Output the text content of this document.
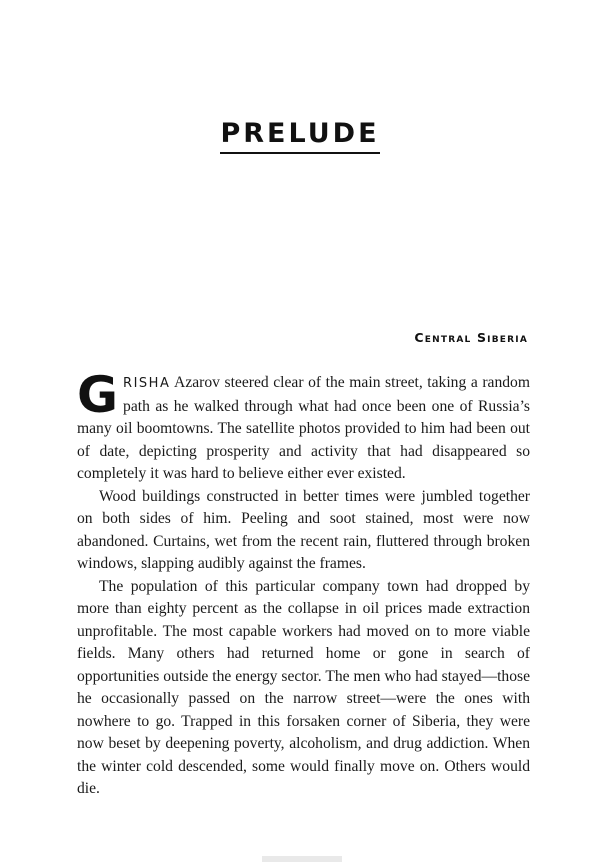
PRELUDE
Central Siberia

GRISHA Azarov steered clear of the main street, taking a random path as he walked through what had once been one of Russia’s many oil boomtowns. The satellite photos provided to him had been out of date, depicting prosperity and activity that had disappeared so completely it was hard to believe either ever existed.

Wood buildings constructed in better times were jumbled together on both sides of him. Peeling and soot stained, most were now abandoned. Curtains, wet from the recent rain, fluttered through broken windows, slapping audibly against the frames.

The population of this particular company town had dropped by more than eighty percent as the collapse in oil prices made extraction unprofitable. The most capable workers had moved on to more viable fields. Many others had returned home or gone in search of opportunities outside the energy sector. The men who had stayed—those he occasionally passed on the narrow street—were the ones with nowhere to go. Trapped in this forsaken corner of Siberia, they were now beset by deepening poverty, alcoholism, and drug addiction. When the winter cold descended, some would finally move on. Others would die.
